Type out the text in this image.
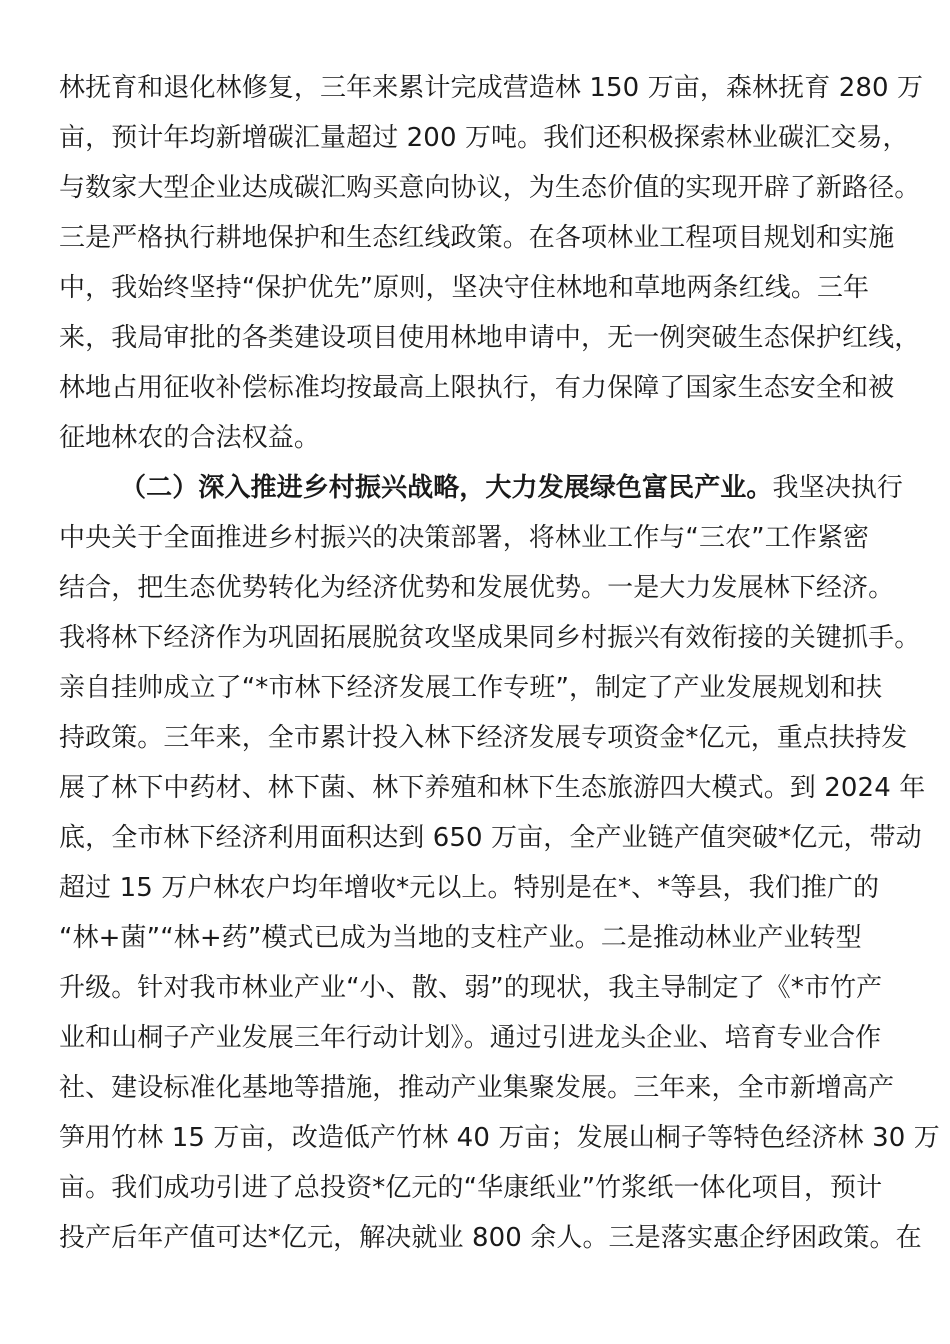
林抚育和退化林修复，三年来累计完成营造林 150 万亩，森林抚育 280 万
亩，预计年均新增碳汇量超过 200 万吨。我们还积极探索林业碳汇交易，
与数家大型企业达成碳汇购买意向协议，为生态价值的实现开辟了新路径。
三是严格执行耕地保护和生态红线政策。在各项林业工程项目规划和实施
中，我始终坚持“保护优先”原则，坚决守住林地和草地两条红线。三年
来，我局审批的各类建设项目使用林地申请中，无一例突破生态保护红线，
林地占用征收补偿标准均按最高上限执行，有力保障了国家生态安全和被
征地林农的合法权益。
（二）深入推进乡村振兴战略，大力发展绿色富民产业。我坚决执行
中央关于全面推进乡村振兴的决策部署，将林业工作与“三农”工作紧密
结合，把生态优势转化为经济优势和发展优势。一是大力发展林下经济。
我将林下经济作为巩固拓展脱贫攻坚成果同乡村振兴有效衔接的关键抓手。
亲自挂帅成立了“*市林下经济发展工作专班”，制定了产业发展规划和扶
持政策。三年来，全市累计投入林下经济发展专项资金*亿元，重点扶持发
展了林下中药材、林下菌、林下养殖和林下生态旅游四大模式。到 2024 年
底，全市林下经济利用面积达到 650 万亩，全产业链产值突破*亿元，带动
超过 15 万户林农户均年增收*元以上。特别是在*、*等县，我们推广的
“林+菌”“林+药”模式已成为当地的支柱产业。二是推动林业产业转型
升级。针对我市林业产业“小、散、弱”的现状，我主导制定了《*市竹产
业和山桐子产业发展三年行动计划》。通过引进龙头企业、培育专业合作
社、建设标准化基地等措施，推动产业集聚发展。三年来，全市新增高产
笋用竹林 15 万亩，改造低产竹林 40 万亩；发展山桐子等特色经济林 30 万
亩。我们成功引进了总投资*亿元的“华康纸业”竹浆纸一体化项目，预计
投产后年产值可达*亿元，解决就业 800 余人。三是落实惠企纾困政策。在
